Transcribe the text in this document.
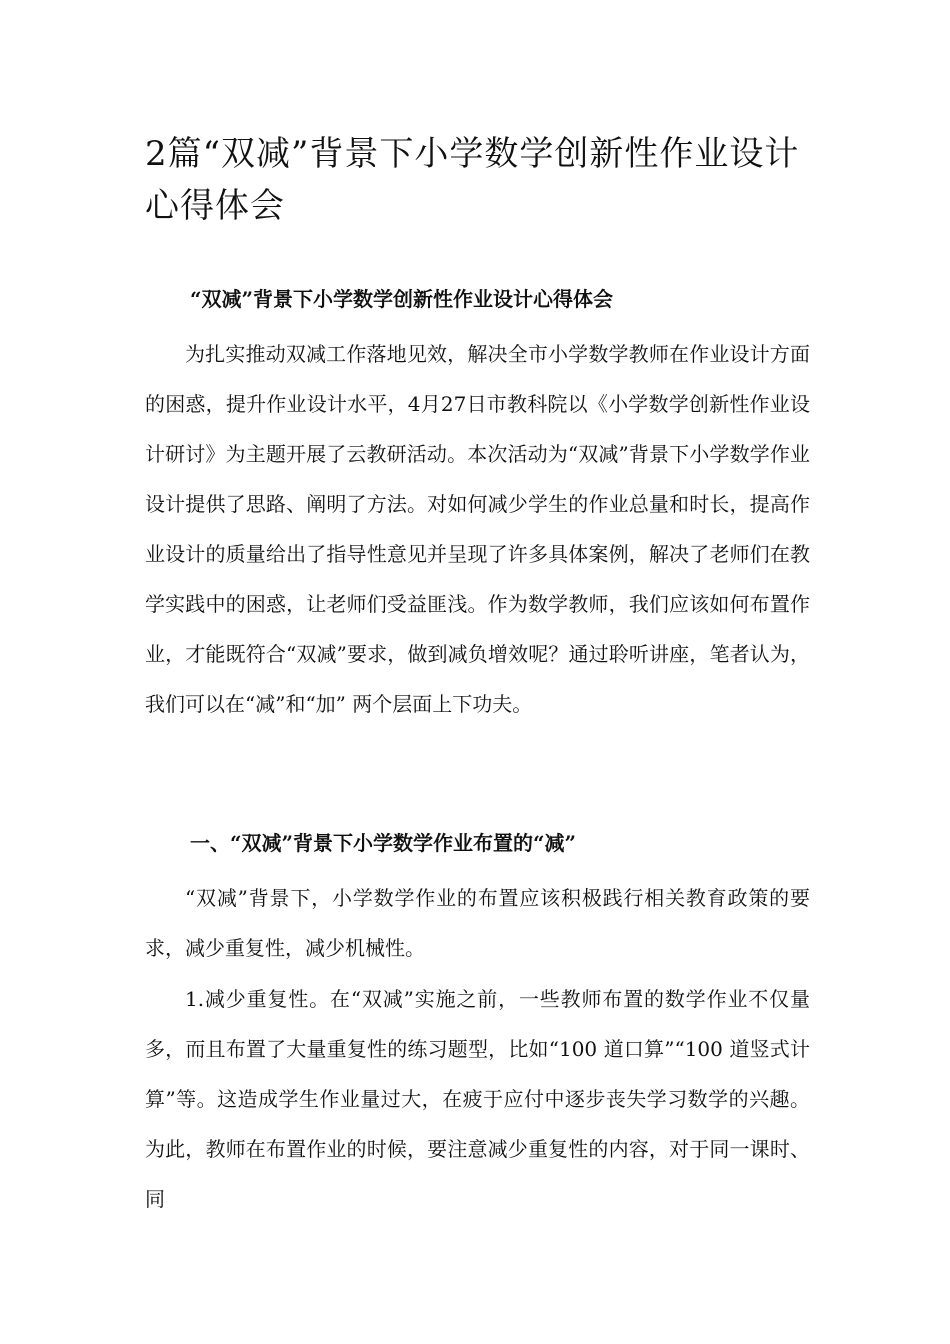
2篇“双减”背景下小学数学创新性作业设计心得体会
“双减”背景下小学数学创新性作业设计心得体会

为扎实推动双减工作落地见效，解决全市小学数学教师在作业设计方面的困惑，提升作业设计水平，4月27日市教科院以《小学数学创新性作业设计研讨》为主题开展了云教研活动。本次活动为“双减”背景下小学数学作业设计提供了思路、阐明了方法。对如何减少学生的作业总量和时长，提高作业设计的质量给出了指导性意见并呈现了许多具体案例，解决了老师们在教学实践中的困惑，让老师们受益匪浅。作为数学教师，我们应该如何布置作业，才能既符合“双减”要求，做到减负增效呢？通过聆听讲座，笔者认为，我们可以在“减”和“加” 两个层面上下功夫。

一、“双减”背景下小学数学作业布置的“减”

“双减”背景下，小学数学作业的布置应该积极践行相关教育政策的要求，减少重复性，减少机械性。

1.减少重复性。在“双减”实施之前，一些教师布置的数学作业不仅量多，而且布置了大量重复性的练习题型，比如“100 道口算”“100 道竖式计算”等。这造成学生作业量过大，在疲于应付中逐步丧失学习数学的兴趣。为此，教师在布置作业的时候，要注意减少重复性的内容，对于同一课时、同
